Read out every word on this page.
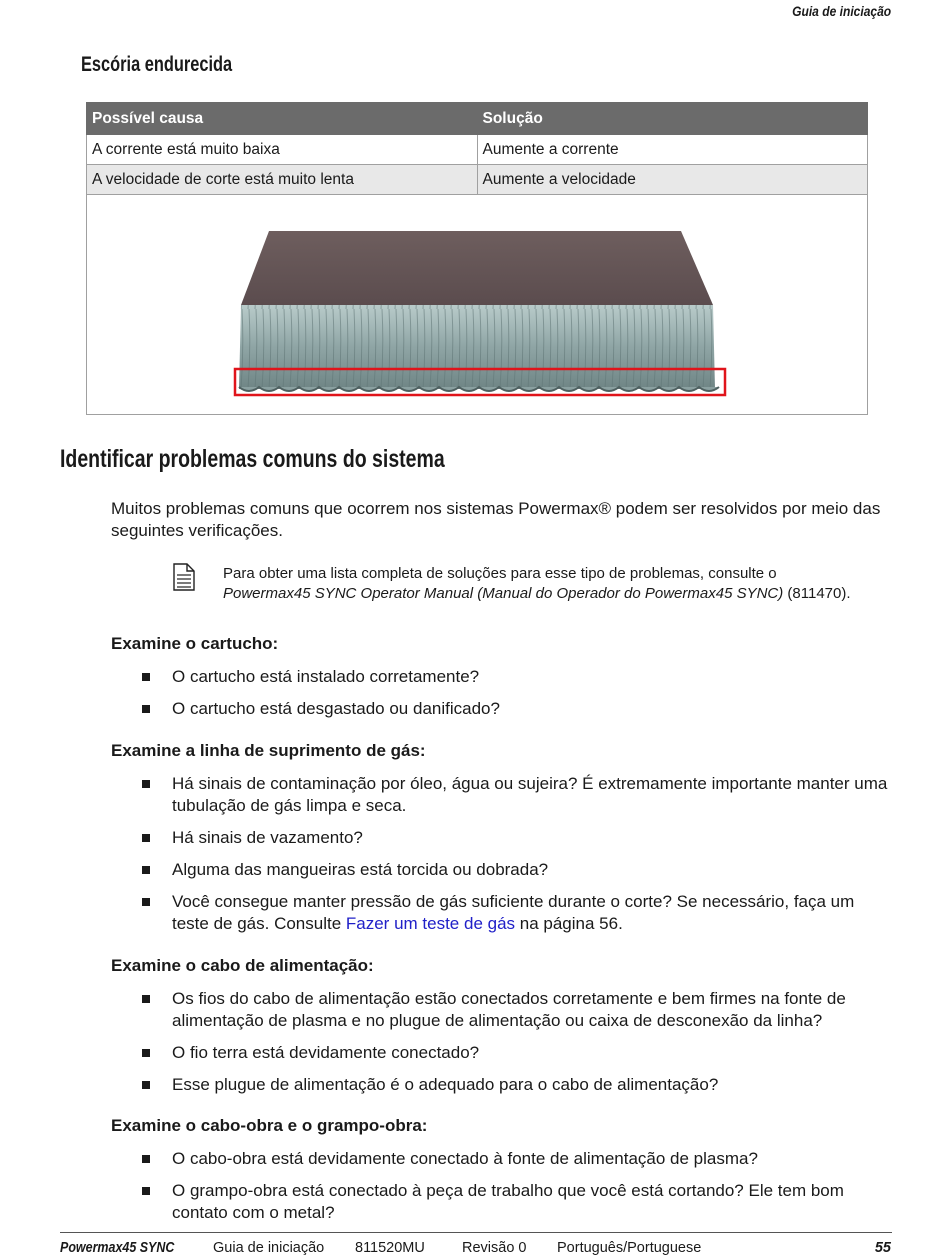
Guia de iniciação
Escória endurecida
Possível causa	Solução
A corrente está muito baixa	Aumente a corrente
A velocidade de corte está muito lenta	Aumente a velocidade

Identificar problemas comuns do sistema
Muitos problemas comuns que ocorrem nos sistemas Powermax® podem ser resolvidos por meio das seguintes verificações.
Para obter uma lista completa de soluções para esse tipo de problemas, consulte o
Powermax45 SYNC Operator Manual (Manual do Operador do Powermax45 SYNC) (811470).
Examine o cartucho:
O cartucho está instalado corretamente?
O cartucho está desgastado ou danificado?
Examine a linha de suprimento de gás:
Há sinais de contaminação por óleo, água ou sujeira? É extremamente importante manter uma tubulação de gás limpa e seca.
Há sinais de vazamento?
Alguma das mangueiras está torcida ou dobrada?
Você consegue manter pressão de gás suficiente durante o corte? Se necessário, faça um teste de gás. Consulte Fazer um teste de gás na página 56.
Examine o cabo de alimentação:
Os fios do cabo de alimentação estão conectados corretamente e bem firmes na fonte de alimentação de plasma e no plugue de alimentação ou caixa de desconexão da linha?
O fio terra está devidamente conectado?
Esse plugue de alimentação é o adequado para o cabo de alimentação?
Examine o cabo-obra e o grampo-obra:
O cabo-obra está devidamente conectado à fonte de alimentação de plasma?
O grampo-obra está conectado à peça de trabalho que você está cortando? Ele tem bom contato com o metal?
Powermax45 SYNC	Guia de iniciação 811520MU	Revisão 0 Português/Portuguese	55
